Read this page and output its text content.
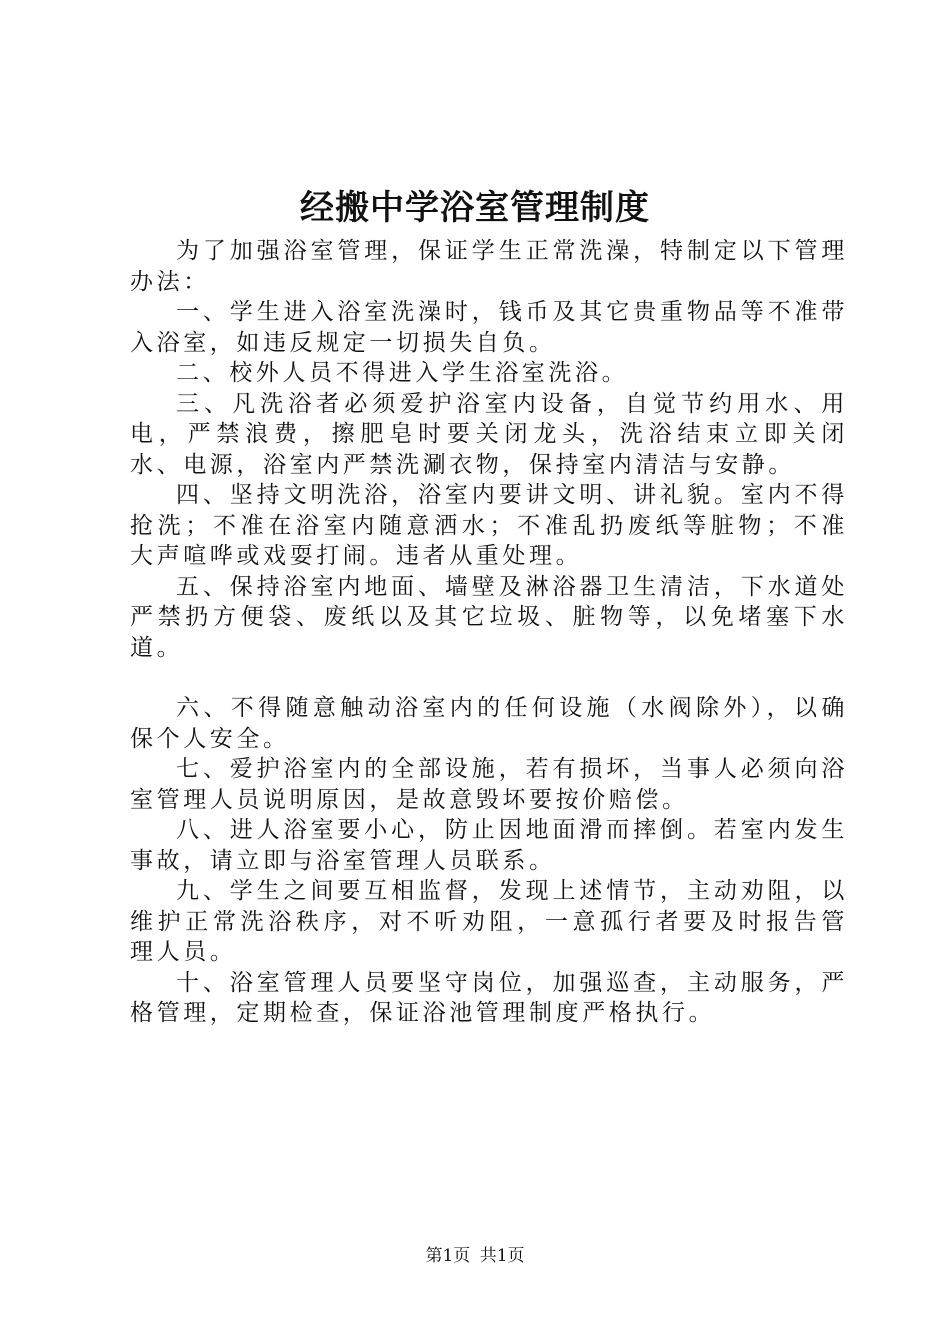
经搬中学浴室管理制度

为了加强浴室管理，保证学生正常洗澡，特制定以下管理办法：

一、学生进入浴室洗澡时，钱币及其它贵重物品等不准带入浴室，如违反规定一切损失自负。

二、校外人员不得进入学生浴室洗浴。

三、凡洗浴者必须爱护浴室内设备，自觉节约用水、用电，严禁浪费，擦肥皂时要关闭龙头，洗浴结束立即关闭水、电源，浴室内严禁洗涮衣物，保持室内清洁与安静。

四、坚持文明洗浴，浴室内要讲文明、讲礼貌。室内不得抢洗；不准在浴室内随意洒水；不准乱扔废纸等脏物；不准大声喧哗或戏耍打闹。违者从重处理。

五、保持浴室内地面、墙壁及淋浴器卫生清洁，下水道处严禁扔方便袋、废纸以及其它垃圾、脏物等，以免堵塞下水道。

六、不得随意触动浴室内的任何设施（水阀除外），以确保个人安全。

七、爱护浴室内的全部设施，若有损坏，当事人必须向浴室管理人员说明原因，是故意毁坏要按价赔偿。

八、进人浴室要小心，防止因地面滑而摔倒。若室内发生事故，请立即与浴室管理人员联系。

九、学生之间要互相监督，发现上述情节，主动劝阻，以维护正常洗浴秩序，对不听劝阻，一意孤行者要及时报告管理人员。

十、浴室管理人员要坚守岗位，加强巡查，主动服务，严格管理，定期检查，保证浴池管理制度严格执行。

第1页 共1页
